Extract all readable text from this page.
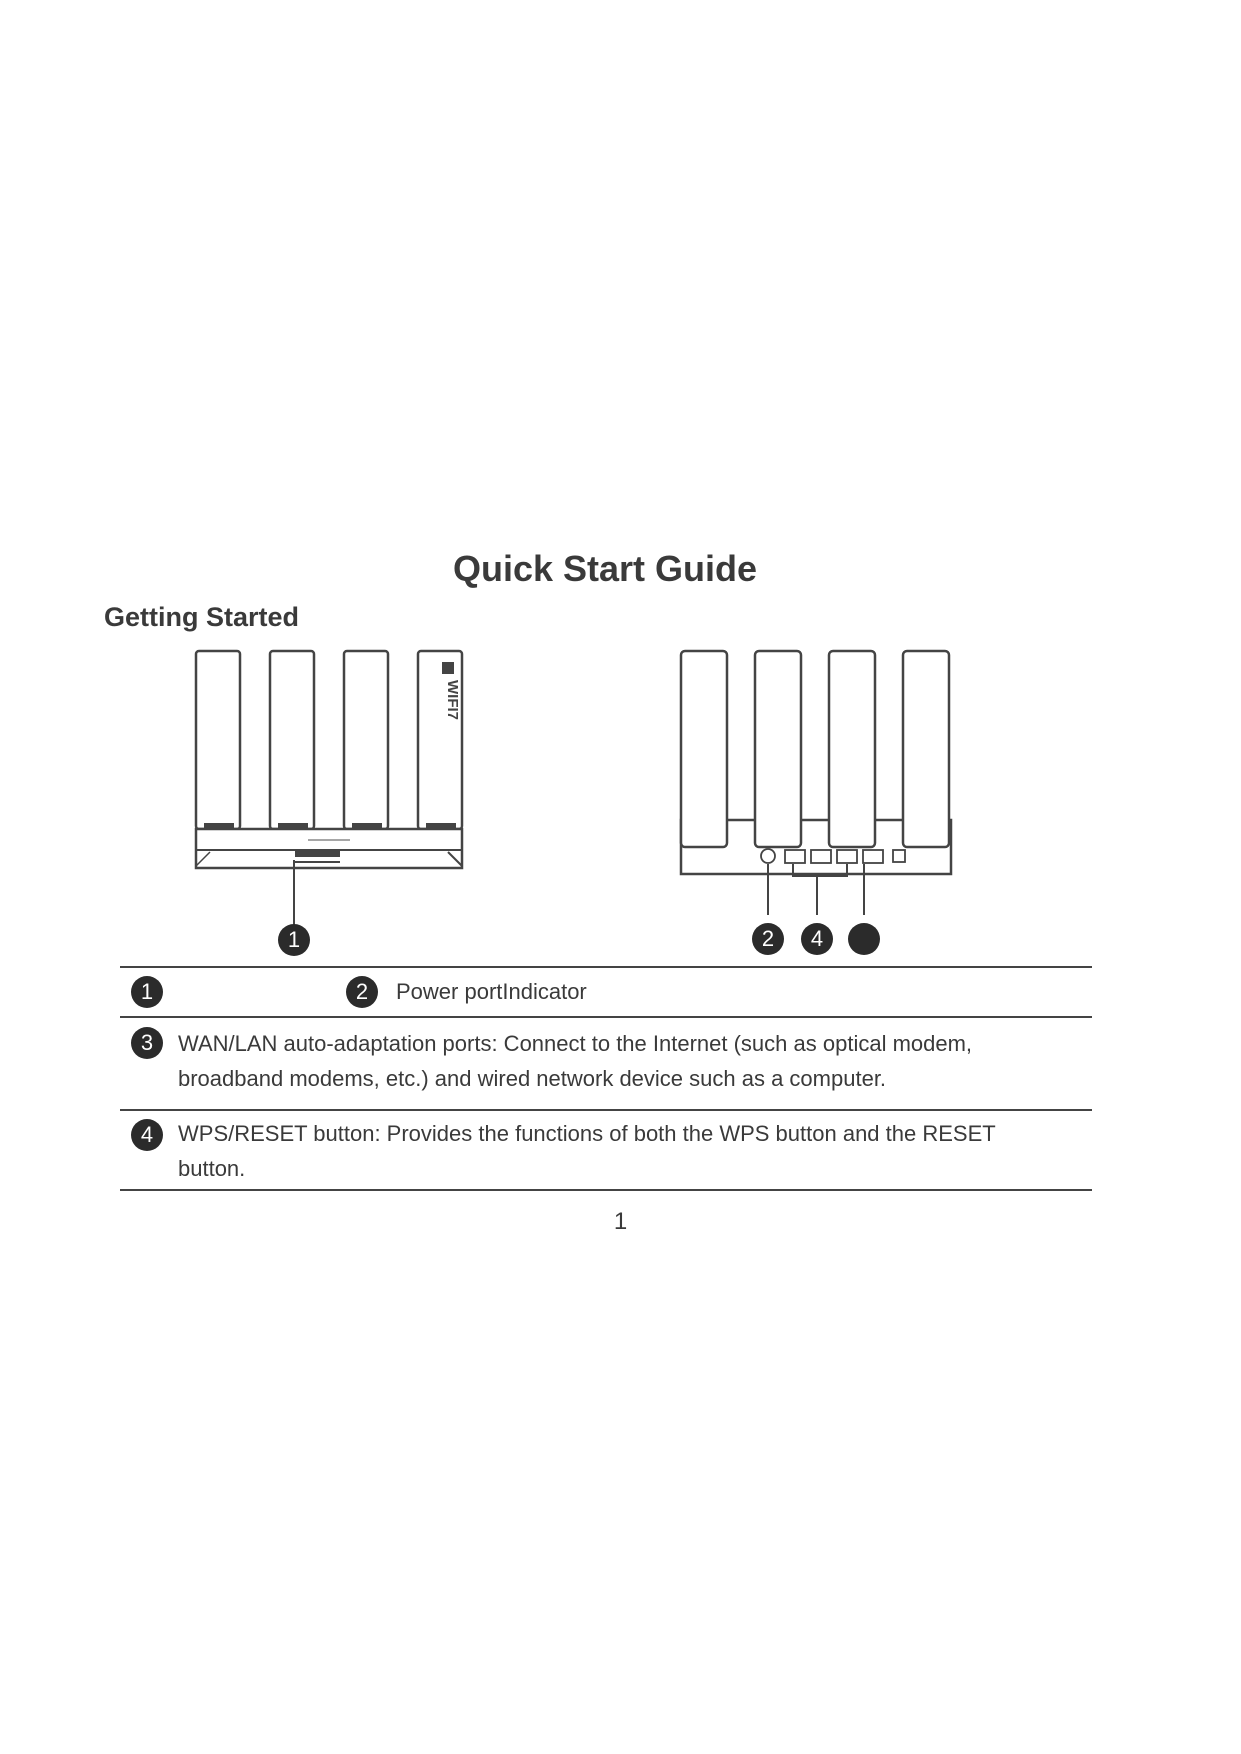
Quick Start Guide
Getting Started
WIFI7
1	2	4
1	2	Power portIndicator

3	WAN/LAN auto-adaptation ports: Connect to the Internet (such as optical modem,

broadband modems, etc.) and wired network device such as a computer.

4	WPS/RESET button: Provides the functions of both the WPS button and the RESET

button.

1
